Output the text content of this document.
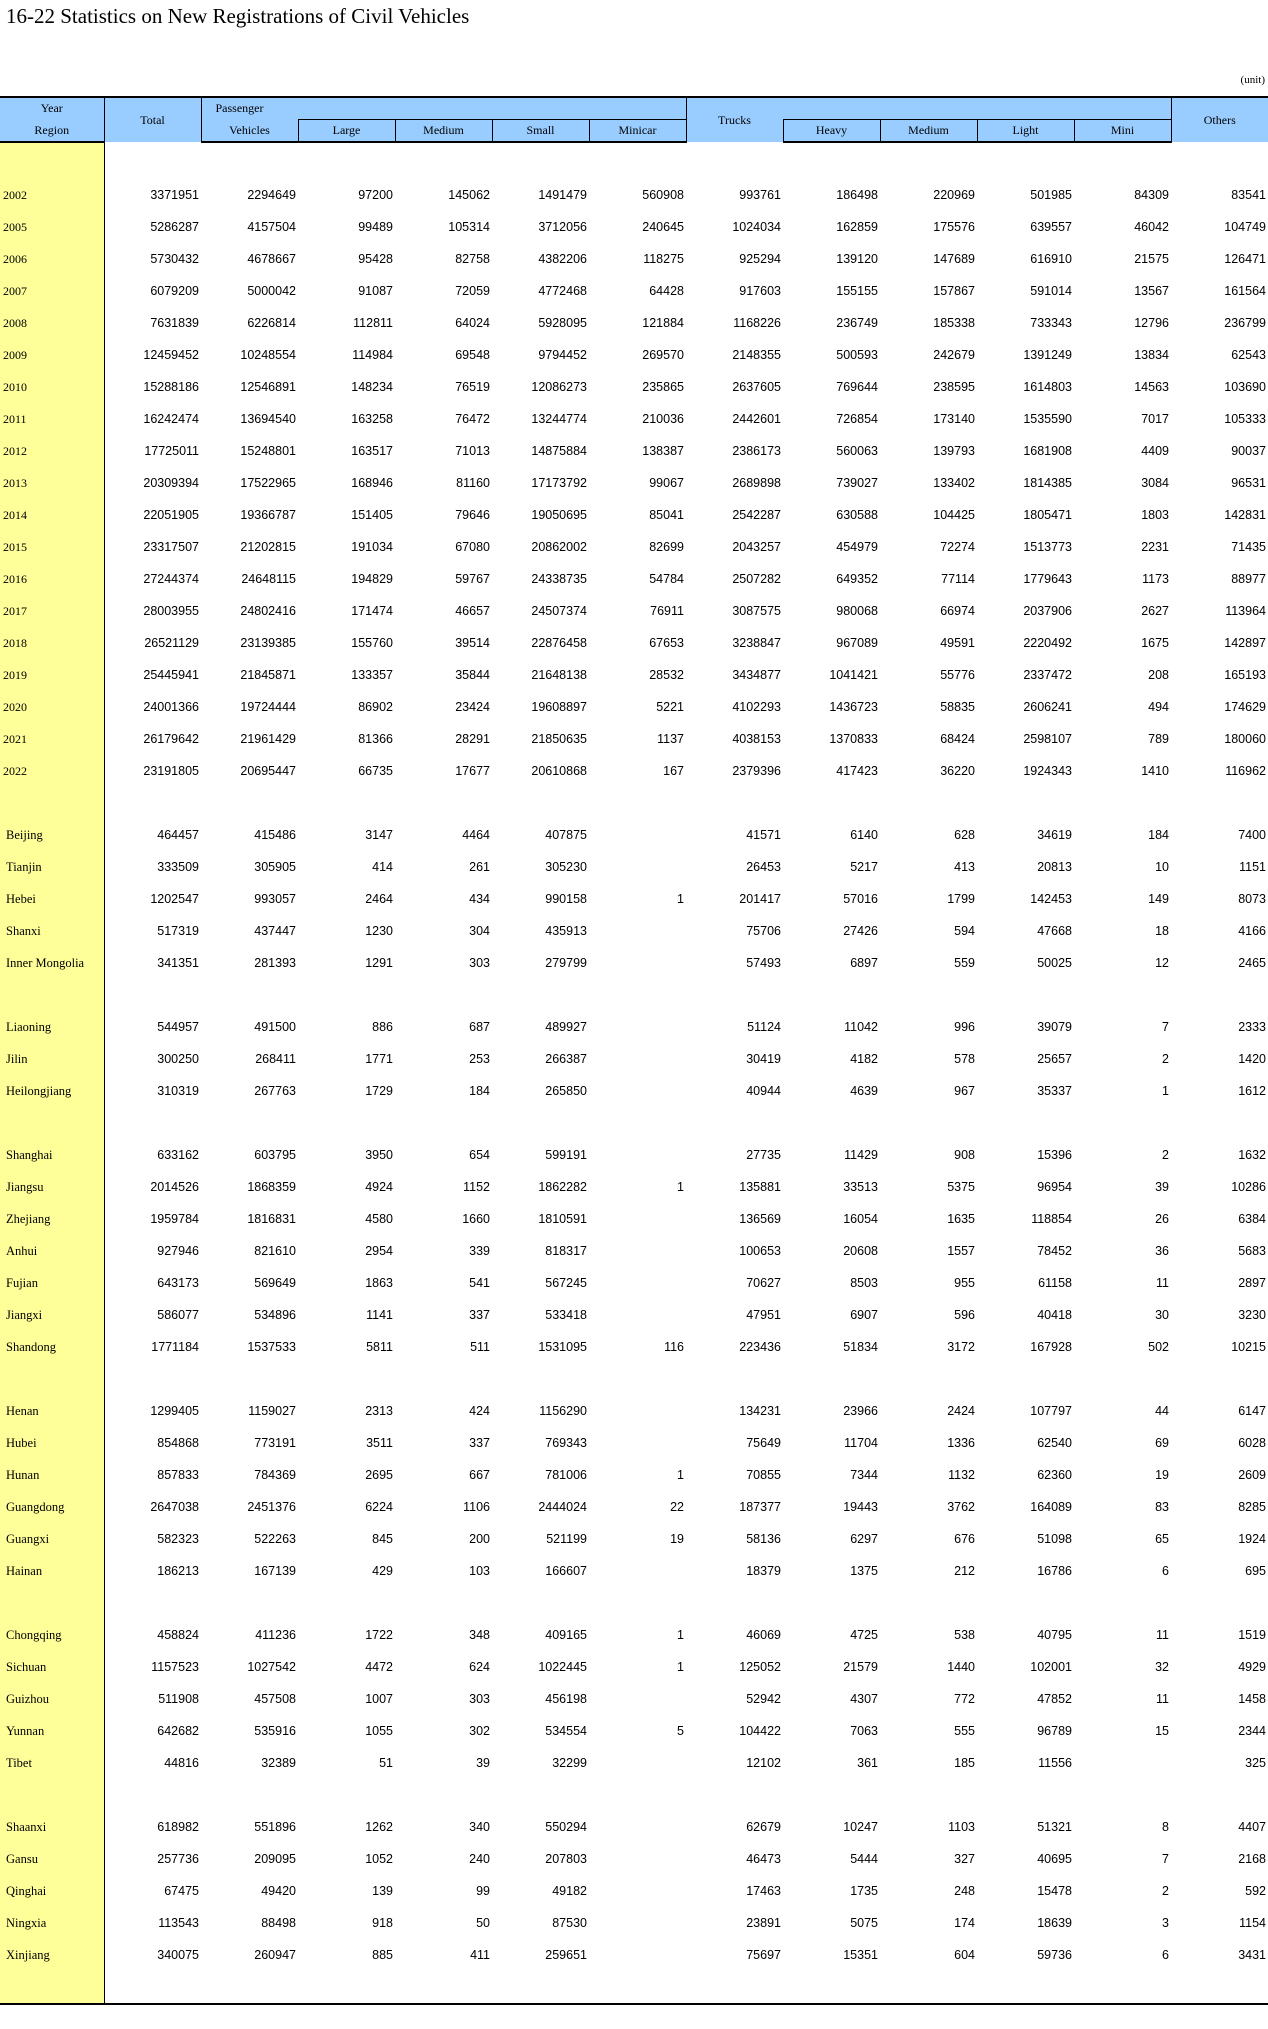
16-22 Statistics on New Registrations of Civil Vehicles
(unit)
Year	Total	Passenger					Trucks					Others
Region		Vehicles	Large	Medium	Small	Minicar		Heavy	Medium	Light	Mini	

2002	3371951	2294649	97200	145062	1491479	560908	993761	186498	220969	501985	84309	83541
2005	5286287	4157504	99489	105314	3712056	240645	1024034	162859	175576	639557	46042	104749
2006	5730432	4678667	95428	82758	4382206	118275	925294	139120	147689	616910	21575	126471
2007	6079209	5000042	91087	72059	4772468	64428	917603	155155	157867	591014	13567	161564
2008	7631839	6226814	112811	64024	5928095	121884	1168226	236749	185338	733343	12796	236799
2009	12459452	10248554	114984	69548	9794452	269570	2148355	500593	242679	1391249	13834	62543
2010	15288186	12546891	148234	76519	12086273	235865	2637605	769644	238595	1614803	14563	103690
2011	16242474	13694540	163258	76472	13244774	210036	2442601	726854	173140	1535590	7017	105333
2012	17725011	15248801	163517	71013	14875884	138387	2386173	560063	139793	1681908	4409	90037
2013	20309394	17522965	168946	81160	17173792	99067	2689898	739027	133402	1814385	3084	96531
2014	22051905	19366787	151405	79646	19050695	85041	2542287	630588	104425	1805471	1803	142831
2015	23317507	21202815	191034	67080	20862002	82699	2043257	454979	72274	1513773	2231	71435
2016	27244374	24648115	194829	59767	24338735	54784	2507282	649352	77114	1779643	1173	88977
2017	28003955	24802416	171474	46657	24507374	76911	3087575	980068	66974	2037906	2627	113964
2018	26521129	23139385	155760	39514	22876458	67653	3238847	967089	49591	2220492	1675	142897
2019	25445941	21845871	133357	35844	21648138	28532	3434877	1041421	55776	2337472	208	165193
2020	24001366	19724444	86902	23424	19608897	5221	4102293	1436723	58835	2606241	494	174629
2021	26179642	21961429	81366	28291	21850635	1137	4038153	1370833	68424	2598107	789	180060
2022	23191805	20695447	66735	17677	20610868	167	2379396	417423	36220	1924343	1410	116962

Beijing	464457	415486	3147	4464	407875		41571	6140	628	34619	184	7400
Tianjin	333509	305905	414	261	305230		26453	5217	413	20813	10	1151
Hebei	1202547	993057	2464	434	990158	1	201417	57016	1799	142453	149	8073
Shanxi	517319	437447	1230	304	435913		75706	27426	594	47668	18	4166
Inner Mongolia	341351	281393	1291	303	279799		57493	6897	559	50025	12	2465

Liaoning	544957	491500	886	687	489927		51124	11042	996	39079	7	2333
Jilin	300250	268411	1771	253	266387		30419	4182	578	25657	2	1420
Heilongjiang	310319	267763	1729	184	265850		40944	4639	967	35337	1	1612

Shanghai	633162	603795	3950	654	599191		27735	11429	908	15396	2	1632
Jiangsu	2014526	1868359	4924	1152	1862282	1	135881	33513	5375	96954	39	10286
Zhejiang	1959784	1816831	4580	1660	1810591		136569	16054	1635	118854	26	6384
Anhui	927946	821610	2954	339	818317		100653	20608	1557	78452	36	5683
Fujian	643173	569649	1863	541	567245		70627	8503	955	61158	11	2897
Jiangxi	586077	534896	1141	337	533418		47951	6907	596	40418	30	3230
Shandong	1771184	1537533	5811	511	1531095	116	223436	51834	3172	167928	502	10215

Henan	1299405	1159027	2313	424	1156290		134231	23966	2424	107797	44	6147
Hubei	854868	773191	3511	337	769343		75649	11704	1336	62540	69	6028
Hunan	857833	784369	2695	667	781006	1	70855	7344	1132	62360	19	2609
Guangdong	2647038	2451376	6224	1106	2444024	22	187377	19443	3762	164089	83	8285
Guangxi	582323	522263	845	200	521199	19	58136	6297	676	51098	65	1924
Hainan	186213	167139	429	103	166607		18379	1375	212	16786	6	695

Chongqing	458824	411236	1722	348	409165	1	46069	4725	538	40795	11	1519
Sichuan	1157523	1027542	4472	624	1022445	1	125052	21579	1440	102001	32	4929
Guizhou	511908	457508	1007	303	456198		52942	4307	772	47852	11	1458
Yunnan	642682	535916	1055	302	534554	5	104422	7063	555	96789	15	2344
Tibet	44816	32389	51	39	32299		12102	361	185	11556		325

Shaanxi	618982	551896	1262	340	550294		62679	10247	1103	51321	8	4407
Gansu	257736	209095	1052	240	207803		46473	5444	327	40695	7	2168
Qinghai	67475	49420	139	99	49182		17463	1735	248	15478	2	592
Ningxia	113543	88498	918	50	87530		23891	5075	174	18639	3	1154
Xinjiang	340075	260947	885	411	259651		75697	15351	604	59736	6	3431
